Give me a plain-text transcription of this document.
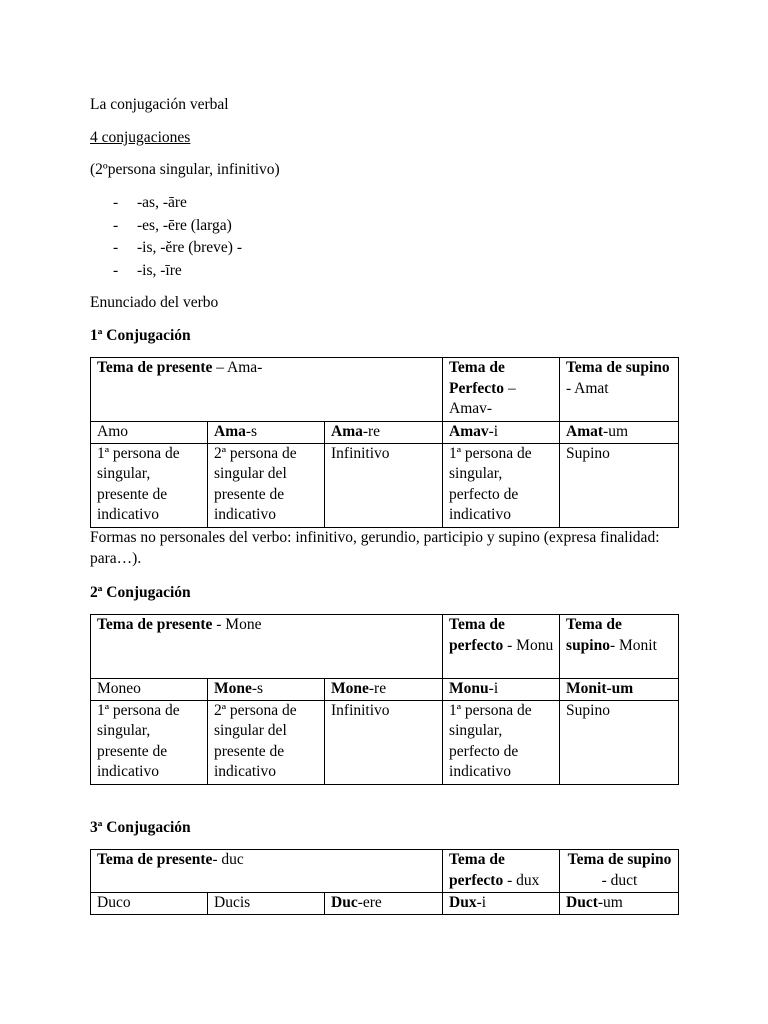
La conjugación verbal
4 conjugaciones
(2ºpersona singular, infinitivo)
- -as, -āre
- -es, -ēre (larga)
- -is, -ĕre (breve) -
- -is, -īre
Enunciado del verbo
1ª Conjugación
Tema de presente – Ama-			Tema de Perfecto – Amav-	Tema de supino - Amat
Amo	Ama-s	Ama-re	Amav-i	Amat-um
1ª persona de singular, presente de indicativo	2ª persona de singular del presente de indicativo	Infinitivo	1ª persona de singular, perfecto de indicativo	Supino
Formas no personales del verbo: infinitivo, gerundio, participio y supino (expresa finalidad: para…).
2ª Conjugación
Tema de presente - Mone			Tema de perfecto - Monu	Tema de supino- Monit
Moneo	Mone-s	Mone-re	Monu-i	Monit-um
1ª persona de singular, presente de indicativo	2ª persona de singular del presente de indicativo	Infinitivo	1ª persona de singular, perfecto de indicativo	Supino
3ª Conjugación
Tema de presente- duc			Tema de perfecto - dux	Tema de supino - duct
Duco	Ducis	Duc-ere	Dux-i	Duct-um
